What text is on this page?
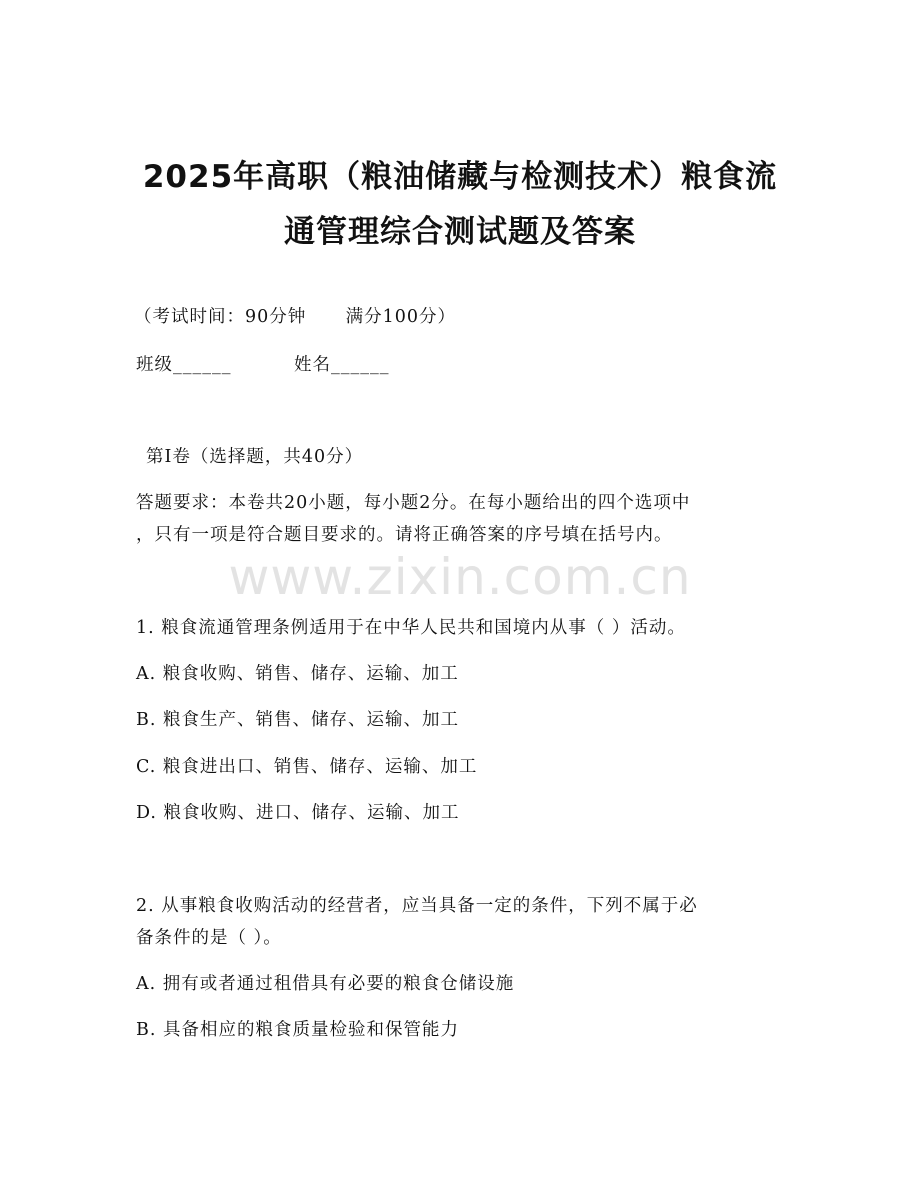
2025年高职（粮油储藏与检测技术）粮食流
通管理综合测试题及答案
（考试时间：90分钟      满分100分）
班级______	姓名______
第I卷（选择题，共40分）
答题要求：本卷共20小题，每小题2分。在每小题给出的四个选项中
，只有一项是符合题目要求的。请将正确答案的序号填在括号内。
www.zixin.com.cn
1. 粮食流通管理条例适用于在中华人民共和国境内从事（ ）活动。
A. 粮食收购、销售、储存、运输、加工
B. 粮食生产、销售、储存、运输、加工
C. 粮食进出口、销售、储存、运输、加工
D. 粮食收购、进口、储存、运输、加工
2. 从事粮食收购活动的经营者，应当具备一定的条件，下列不属于必
备条件的是（ ）。
A. 拥有或者通过租借具有必要的粮食仓储设施
B. 具备相应的粮食质量检验和保管能力
